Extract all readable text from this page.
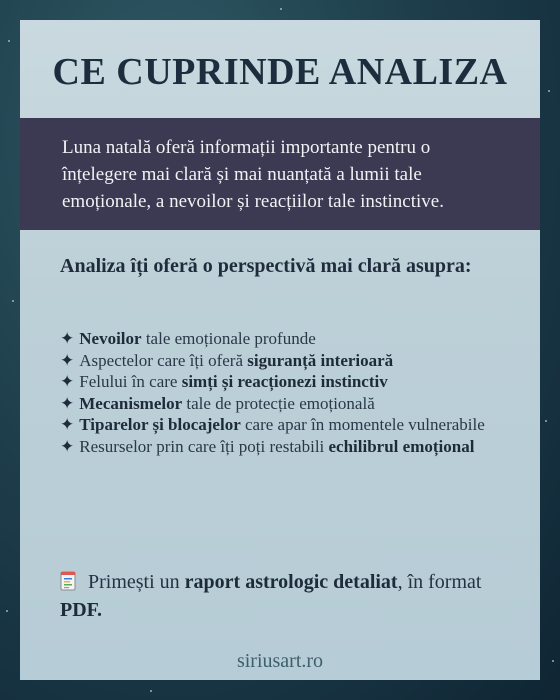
CE CUPRINDE ANALIZA

Luna natală oferă informații importante pentru o înțelegere mai clară și mai nuanțată a lumii tale emoționale, a nevoilor și reacțiilor tale instinctive.

Analiza îți oferă o perspectivă mai clară asupra:

✦ Nevoilor tale emoționale profunde
✦ Aspectelor care îți oferă siguranță interioară
✦ Felului în care simți și reacționezi instinctiv
✦ Mecanismelor tale de protecție emoțională
✦ Tiparelor și blocajelor care apar în momentele vulnerabile
✦ Resurselor prin care îți poți restabili echilibrul emoțional

Primești un raport astrologic detaliat, în format PDF.

siriusart.ro
